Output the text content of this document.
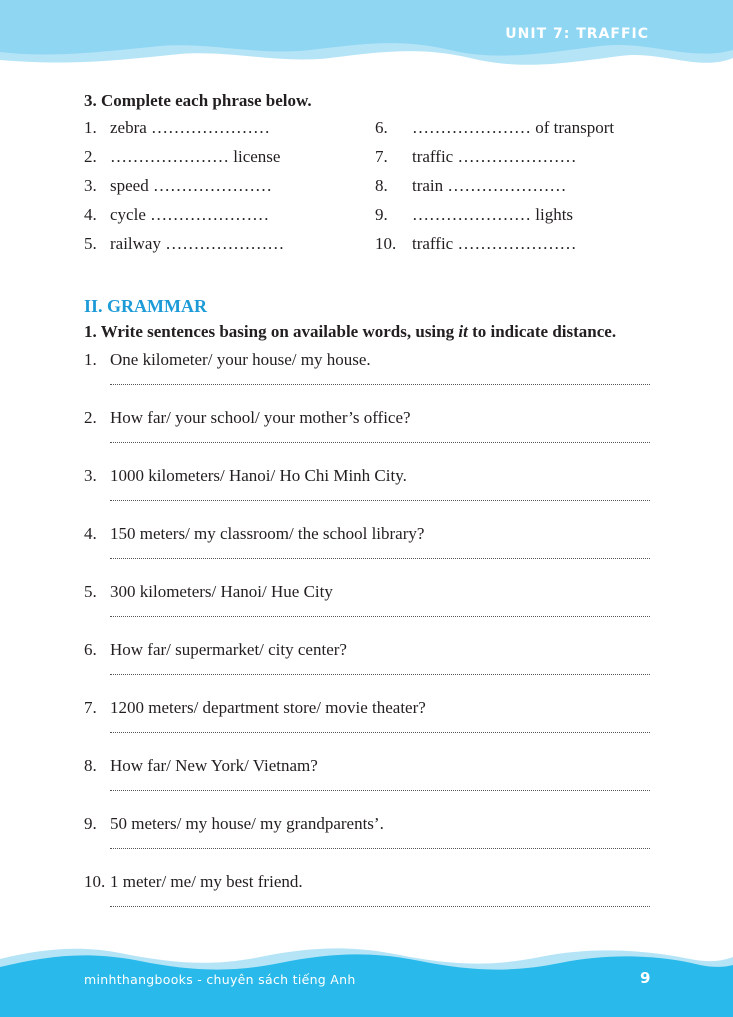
UNIT 7: TRAFFIC
3. Complete each phrase below.
1. zebra …………………
2. ………………… license
3. speed …………………
4. cycle …………………
5. railway …………………
6. ………………… of transport
7. traffic …………………
8. train …………………
9. ………………… lights
10. traffic …………………
II. GRAMMAR
1. Write sentences basing on available words, using it to indicate distance.
1. One kilometer/ your house/ my house.
2. How far/ your school/ your mother’s office?
3. 1000 kilometers/ Hanoi/ Ho Chi Minh City.
4. 150 meters/ my classroom/ the school library?
5. 300 kilometers/ Hanoi/ Hue City
6. How far/ supermarket/ city center?
7. 1200 meters/ department store/ movie theater?
8. How far/ New York/ Vietnam?
9. 50 meters/ my house/ my grandparents’.
10. 1 meter/ me/ my best friend.
minhthangbooks - chuyên sách tiếng Anh	9
